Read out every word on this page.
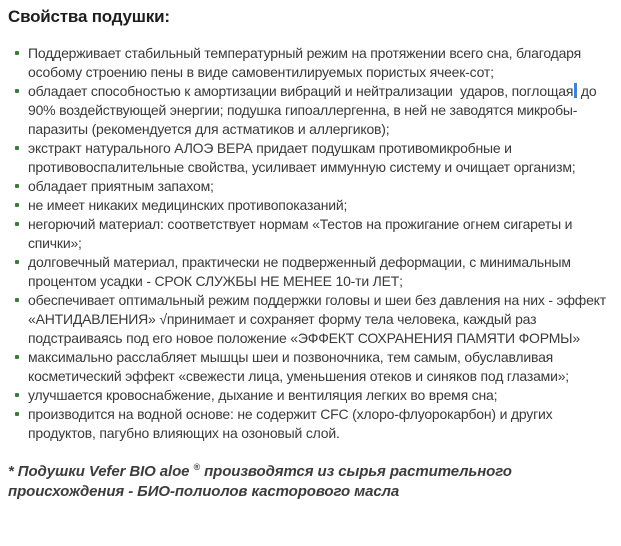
Свойства подушки:
Поддерживает стабильный температурный режим на протяжении всего сна, благодаря особому строению пены в виде самовентилируемых пористых ячеек-сот;
обладает способностью к амортизации вибраций и нейтрализации  ударов, поглощая до 90% воздействующей энергии; подушка гипоаллергенна, в ней не заводятся микробы-паразиты (рекомендуется для астматиков и аллергиков);
экстракт натурального АЛОЭ ВЕРА придает подушкам противомикробные и противовоспалительные свойства, усиливает иммунную систему и очищает организм;
обладает приятным запахом;
не имеет никаких медицинских противопоказаний;
негорючий материал: соответствует нормам «Тестов на прожигание огнем сигареты и спички»;
долговечный материал, практически не подверженный деформации, с минимальным процентом усадки - СРОК СЛУЖБЫ НЕ МЕНЕЕ 10-ти ЛЕТ;
обеспечивает оптимальный режим поддержки головы и шеи без давления на них - эффект «АНТИДАВЛЕНИЯ» √принимает и сохраняет форму тела человека, каждый раз подстраиваясь под его новое положение «ЭФФЕКТ СОХРАНЕНИЯ ПАМЯТИ ФОРМЫ»
максимально расслабляет мышцы шеи и позвоночника, тем самым, обуславливая косметический эффект «свежести лица, уменьшения отеков и синяков под глазами»;
улучшается кровоснабжение, дыхание и вентиляция легких во время сна;
производится на водной основе: не содержит CFC (хлоро-флуорокарбон) и других продуктов, пагубно влияющих на озоновый слой.

* Подушки Vefer BIO aloe ® производятся из сырья растительного происхождения - БИО-полиолов касторового масла
